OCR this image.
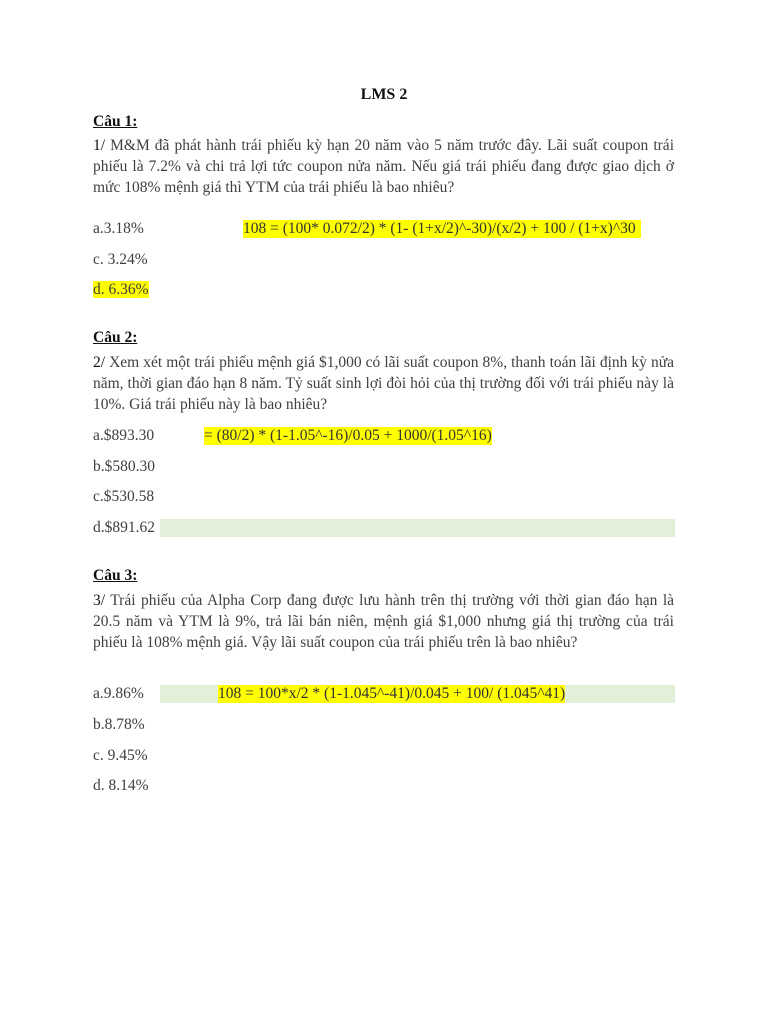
LMS 2
Câu 1:
1/ M&M đã phát hành trái phiếu kỳ hạn 20 năm vào 5 năm trước đây. Lãi suất coupon trái phiếu là 7.2% và chi trả lợi tức coupon nửa năm. Nếu giá trái phiếu đang được giao dịch ở mức 108% mệnh giá thì YTM của trái phiếu là bao nhiêu?
a.3.18%	108 = (100* 0.072/2) * (1- (1+x/2)^-30)/(x/2) + 100 / (1+x)^30
c. 3.24%
d. 6.36%
Câu 2:
2/ Xem xét một trái phiếu mệnh giá $1,000 có lãi suất coupon 8%, thanh toán lãi định kỳ nửa năm, thời gian đáo hạn 8 năm. Tỷ suất sinh lợi đòi hỏi của thị trường đối với trái phiếu này là 10%. Giá trái phiếu này là bao nhiêu?
a.$893.30	= (80/2) * (1-1.05^-16)/0.05 + 1000/(1.05^16)
b.$580.30
c.$530.58
d.$891.62
Câu 3:
3/ Trái phiếu của Alpha Corp đang được lưu hành trên thị trường với thời gian đáo hạn là 20.5 năm và YTM là 9%, trả lãi bán niên, mệnh giá $1,000 nhưng giá thị trường của trái phiếu là 108% mệnh giá. Vậy lãi suất coupon của trái phiếu trên là bao nhiêu?
a.9.86%	108 = 100*x/2 * (1-1.045^-41)/0.045 + 100/ (1.045^41)
b.8.78%
c. 9.45%
d. 8.14%
